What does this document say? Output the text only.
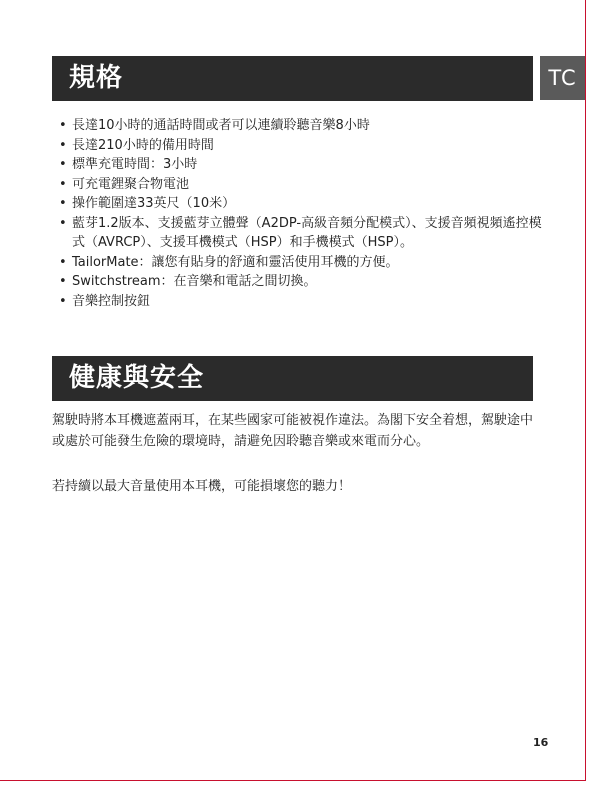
TC
規格
• 長達10小時的通話時間或者可以連續聆聽音樂8小時
• 長達210小時的備用時間
• 標準充電時間：3小時
• 可充電鋰聚合物電池
• 操作範圍達33英尺（10米）
• 藍芽1.2版本、支援藍芽立體聲（A2DP-高級音頻分配模式）、支援音頻視頻遙控模式（AVRCP）、支援耳機模式（HSP）和手機模式（HSP）。
• TailorMate：讓您有貼身的舒適和靈活使用耳機的方便。
• Switchstream：在音樂和電話之間切換。
• 音樂控制按鈕
健康與安全

駕駛時將本耳機遮蓋兩耳，在某些國家可能被視作違法。為閣下安全着想，駕駛途中或處於可能發生危險的環境時，請避免因聆聽音樂或來電而分心。

若持續以最大音量使用本耳機，可能損壞您的聽力！

16
